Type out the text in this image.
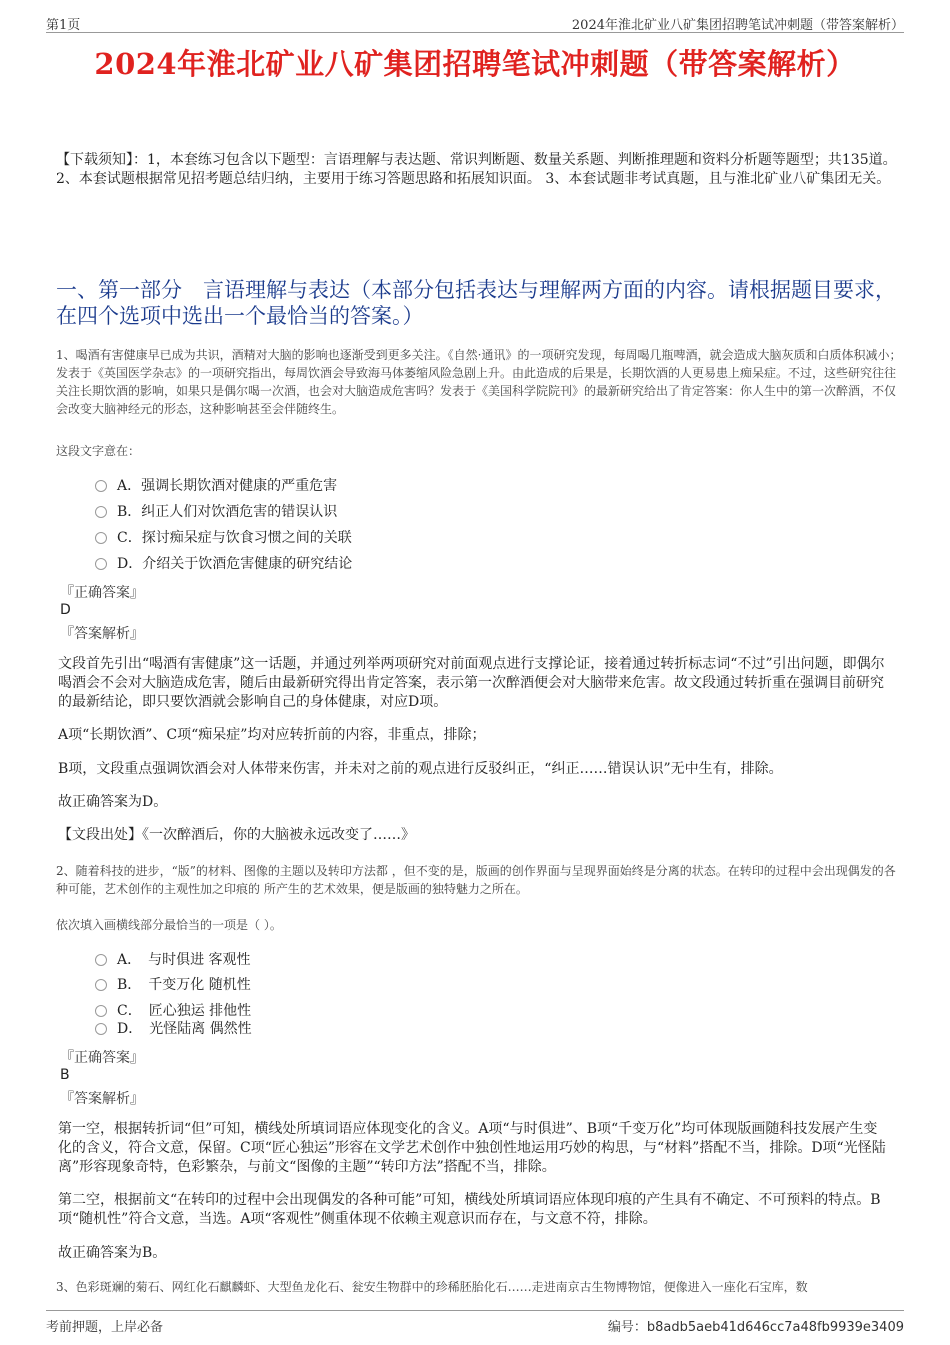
第1页	2024年淮北矿业八矿集团招聘笔试冲刺题（带答案解析）
2024年淮北矿业八矿集团招聘笔试冲刺题（带答案解析）
【下载须知】：1，本套练习包含以下题型：言语理解与表达题、常识判断题、数量关系题、判断推理题和资料分析题等题型；共135道。 2、本套试题根据常见招考题总结归纳，主要用于练习答题思路和拓展知识面。 3、本套试题非考试真题，且与淮北矿业八矿集团无关。
一、第一部分　言语理解与表达（本部分包括表达与理解两方面的内容。请根据题目要求，在四个选项中选出一个最恰当的答案。）
1、喝酒有害健康早已成为共识，酒精对大脑的影响也逐渐受到更多关注。《自然·通讯》的一项研究发现，每周喝几瓶啤酒，就会造成大脑灰质和白质体积减小；发表于《英国医学杂志》的一项研究指出，每周饮酒会导致海马体萎缩风险急剧上升。由此造成的后果是，长期饮酒的人更易患上痴呆症。不过，这些研究往往关注长期饮酒的影响，如果只是偶尔喝一次酒，也会对大脑造成危害吗？发表于《美国科学院院刊》的最新研究给出了肯定答案：你人生中的第一次醉酒，不仅会改变大脑神经元的形态，这种影响甚至会伴随终生。
这段文字意在：
A．强调长期饮酒对健康的严重危害
B．纠正人们对饮酒危害的错误认识
C．探讨痴呆症与饮食习惯之间的关联
D．介绍关于饮酒危害健康的研究结论
『正确答案』
D
『答案解析』
文段首先引出“喝酒有害健康”这一话题，并通过列举两项研究对前面观点进行支撑论证，接着通过转折标志词“不过”引出问题，即偶尔喝酒会不会对大脑造成危害，随后由最新研究得出肯定答案，表示第一次醉酒便会对大脑带来危害。故文段通过转折重在强调目前研究的最新结论，即只要饮酒就会影响自己的身体健康，对应D项。
A项“长期饮酒”、C项“痴呆症”均对应转折前的内容，非重点，排除；
B项，文段重点强调饮酒会对人体带来伤害，并未对之前的观点进行反驳纠正，“纠正……错误认识”无中生有，排除。
故正确答案为D。
【文段出处】《一次醉酒后，你的大脑被永远改变了……》
2、随着科技的进步，“版”的材料、图像的主题以及转印方法都 ，但不变的是，版画的创作界面与呈现界面始终是分离的状态。在转印的过程中会出现偶发的各种可能，艺术创作的主观性加之印痕的 所产生的艺术效果，便是版画的独特魅力之所在。
依次填入画横线部分最恰当的一项是（ ）。
A．　与时俱进 客观性
B．　千变万化 随机性
C．　匠心独运 排他性
D．　光怪陆离 偶然性
『正确答案』
B
『答案解析』
第一空，根据转折词“但”可知，横线处所填词语应体现变化的含义。A项“与时俱进”、B项“千变万化”均可体现版画随科技发展产生变化的含义，符合文意，保留。C项“匠心独运”形容在文学艺术创作中独创性地运用巧妙的构思，与“材料”搭配不当，排除。D项“光怪陆离”形容现象奇特，色彩繁杂，与前文“图像的主题”“转印方法”搭配不当，排除。
第二空，根据前文“在转印的过程中会出现偶发的各种可能”可知，横线处所填词语应体现印痕的产生具有不确定、不可预料的特点。B项“随机性”符合文意，当选。A项“客观性”侧重体现不依赖主观意识而存在，与文意不符，排除。
故正确答案为B。
3、色彩斑斓的菊石、网红化石麒麟虾、大型鱼龙化石、瓮安生物群中的珍稀胚胎化石……走进南京古生物博物馆，便像进入一座化石宝库，数
考前押题，上岸必备	编号：b8adb5aeb41d646cc7a48fb9939e3409
